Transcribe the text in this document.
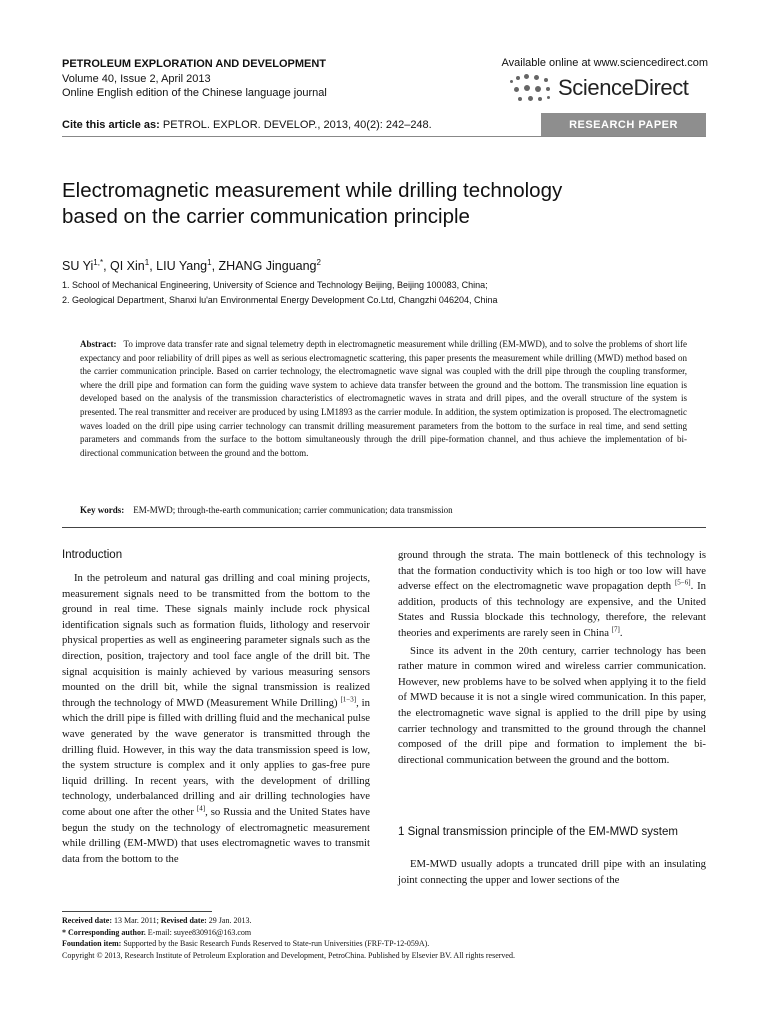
PETROLEUM EXPLORATION AND DEVELOPMENT
Volume 40, Issue 2, April 2013
Online English edition of the Chinese language journal
Available online at www.sciencedirect.com
ScienceDirect
Cite this article as: PETROL. EXPLOR. DEVELOP., 2013, 40(2): 242–248.	RESEARCH PAPER
Electromagnetic measurement while drilling technology
based on the carrier communication principle
SU $Yi^{1,*}$, QI Xin$^1$, LIU Yang$^1$, ZHANG Jinguang$^2$
1. School of Mechanical Engineering, University of Science and Technology Beijing, Beijing 100083, China;
2. Geological Department, Shanxi lu'an Environmental Energy Development Co.Ltd, Changzhi 046204, China
Abstract: To improve data transfer rate and signal telemetry depth in electromagnetic measurement while drilling (EM-MWD), and to solve the problems of short life expectancy and poor reliability of drill pipes as well as serious electromagnetic scattering, this paper presents the measurement while drilling (MWD) method based on the carrier communication principle. Based on carrier technology, the electromagnetic wave signal was coupled with the drill pipe through the coupling transformer, where the drill pipe and formation can form the guiding wave system to achieve data transfer between the ground and the bottom. The transmission line equation is developed based on the analysis of the transmission characteristics of electromagnetic waves in strata and drill pipes, and the overall structure of the system is presented. The real transmitter and receiver are produced by using LM1893 as the carrier module. In addition, the system optimization is proposed. The electromagnetic waves loaded on the drill pipe using carrier technology can transmit drilling measurement parameters from the bottom to the surface in real time, and send setting parameters and commands from the surface to the bottom simultaneously through the drill pipe-formation channel, and thus achieve the implementation of bi-directional communication between the ground and the bottom.
Key words: EM-MWD; through-the-earth communication; carrier communication; data transmission
Introduction

In the petroleum and natural gas drilling and coal mining projects, measurement signals need to be transmitted from the bottom to the ground in real time. These signals mainly include rock physical identification signals such as formation fluids, lithology and reservoir physical properties as well as engineering parameter signals such as the direction, position, trajectory and tool face angle of the drill bit. The signal acquisition is mainly achieved by various measuring sensors mounted on the drill bit, while the signal transmission is realized through the technology of MWD (Measurement While Drilling) [1−3], in which the drill pipe is filled with drilling fluid and the mechanical pulse wave generated by the wave generator is transmitted through the drilling fluid. However, in this way the data transmission speed is low, the system structure is complex and it only applies to gas-free pure liquid drilling. In recent years, with the development of drilling technology, underbalanced drilling and air drilling technologies have come about one after the other [4], so Russia and the United States have begun the study on the technology of electromagnetic measurement while drilling (EM-MWD) that uses electromagnetic waves to transmit data from the bottom to the

ground through the strata. The main bottleneck of this technology is that the formation conductivity which is too high or too low will have adverse effect on the electromagnetic wave propagation depth [5−6]. In addition, products of this technology are expensive, and the United States and Russia blockade this technology, therefore, the relevant theories and experiments are rarely seen in China [7].

Since its advent in the 20th century, carrier technology has been rather mature in common wired and wireless carrier communication. However, new problems have to be solved when applying it to the field of MWD because it is not a single wired communication. In this paper, the electromagnetic wave signal is applied to the drill pipe by using carrier technology and transmitted to the ground through the channel composed of the drill pipe and formation to implement the bi-directional communication between the ground and the bottom.

1 Signal transmission principle of the EM-MWD system

EM-MWD usually adopts a truncated drill pipe with an insulating joint connecting the upper and lower sections of the

Received date: 13 Mar. 2011; Revised date: 29 Jan. 2013.
* Corresponding author. E-mail: suyee830916@163.com
Foundation item: Supported by the Basic Research Funds Reserved to State-run Universities (FRF-TP-12-059A).
Copyright © 2013, Research Institute of Petroleum Exploration and Development, PetroChina. Published by Elsevier BV. All rights reserved.
